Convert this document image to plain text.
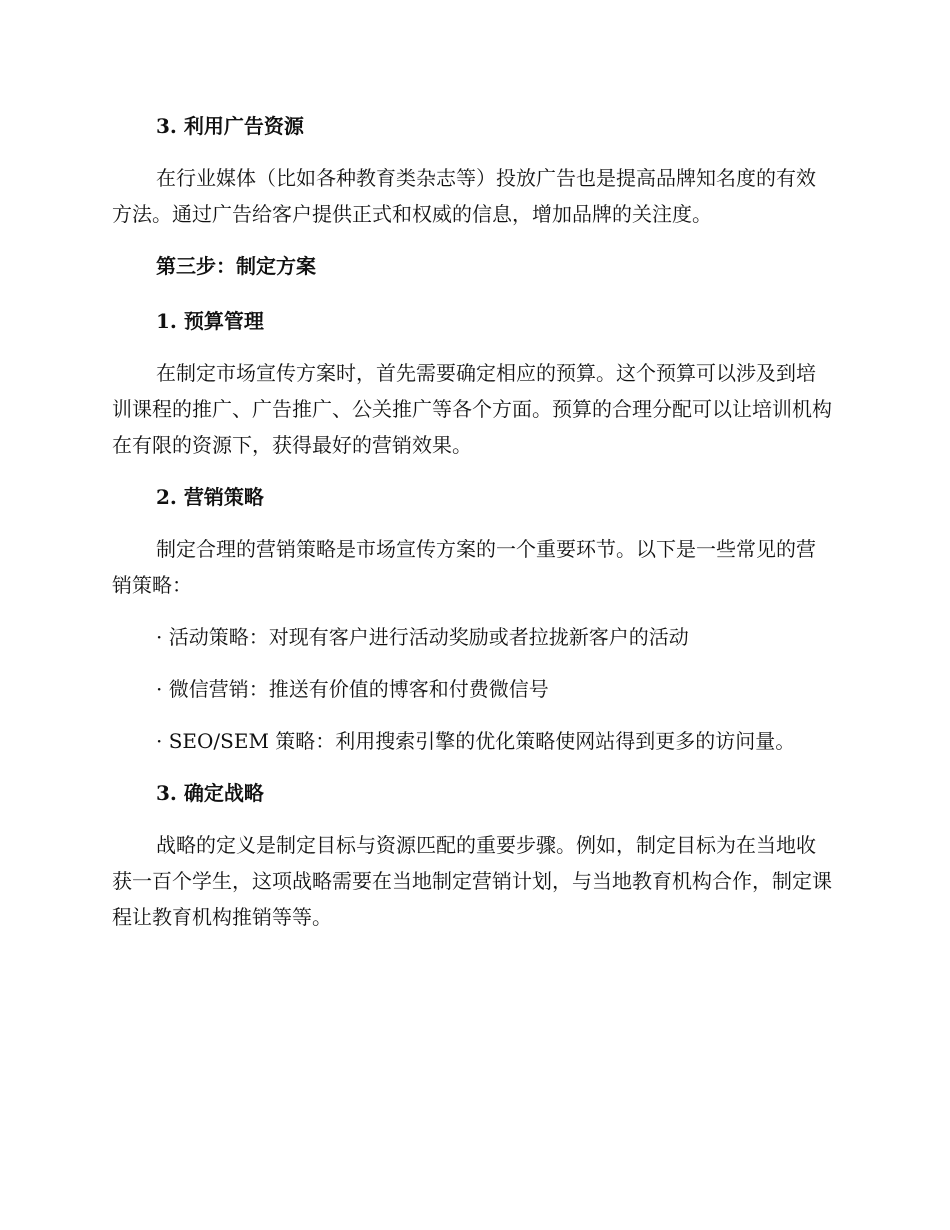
3. 利用广告资源

在行业媒体（比如各种教育类杂志等）投放广告也是提高品牌知名度的有效方法。通过广告给客户提供正式和权威的信息，增加品牌的关注度。

第三步：制定方案

1. 预算管理

在制定市场宣传方案时，首先需要确定相应的预算。这个预算可以涉及到培训课程的推广、广告推广、公关推广等各个方面。预算的合理分配可以让培训机构在有限的资源下，获得最好的营销效果。

2. 营销策略

制定合理的营销策略是市场宣传方案的一个重要环节。以下是一些常见的营销策略：

· 活动策略：对现有客户进行活动奖励或者拉拢新客户的活动

· 微信营销：推送有价值的博客和付费微信号

· SEO/SEM 策略：利用搜索引擎的优化策略使网站得到更多的访问量。

3. 确定战略

战略的定义是制定目标与资源匹配的重要步骤。例如，制定目标为在当地收获一百个学生，这项战略需要在当地制定营销计划，与当地教育机构合作，制定课程让教育机构推销等等。
